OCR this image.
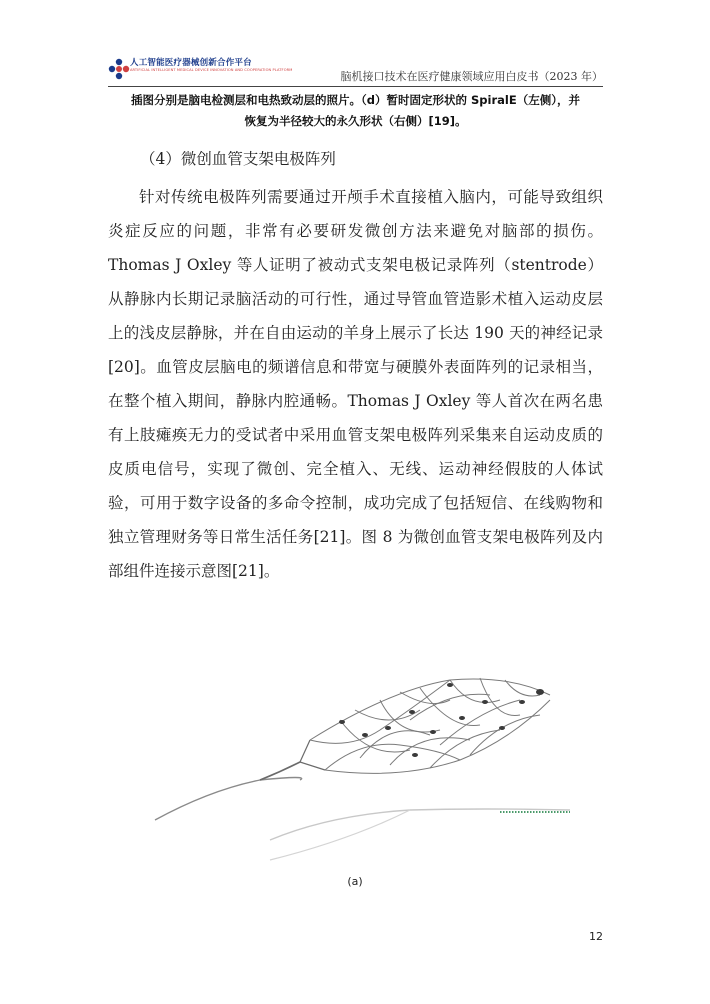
人工智能医疗器械创新合作平台
ARTIFICIAL INTELLIGENT MEDICAL DEVICE INNOVATION AND COOPERATION PLATFORM	脑机接口技术在医疗健康领域应用白皮书（2023 年）
插图分别是脑电检测层和电热致动层的照片。（d）暂时固定形状的 SpiralE（左侧），并
恢复为半径较大的永久形状（右侧）[19]。
（4）微创血管支架电极阵列

针对传统电极阵列需要通过开颅手术直接植入脑内，可能导致组织炎症反应的问题，非常有必要研发微创方法来避免对脑部的损伤。Thomas J Oxley 等人证明了被动式支架电极记录阵列（stentrode）从静脉内长期记录脑活动的可行性，通过导管血管造影术植入运动皮层上的浅皮层静脉，并在自由运动的羊身上展示了长达 190 天的神经记录[20]。血管皮层脑电的频谱信息和带宽与硬膜外表面阵列的记录相当，在整个植入期间，静脉内腔通畅。Thomas J Oxley 等人首次在两名患有上肢瘫痪无力的受试者中采用血管支架电极阵列采集来自运动皮质的皮质电信号，实现了微创、完全植入、无线、运动神经假肢的人体试验，可用于数字设备的多命令控制，成功完成了包括短信、在线购物和独立管理财务等日常生活任务[21]。图 8 为微创血管支架电极阵列及内部组件连接示意图[21]。

(a)
12
